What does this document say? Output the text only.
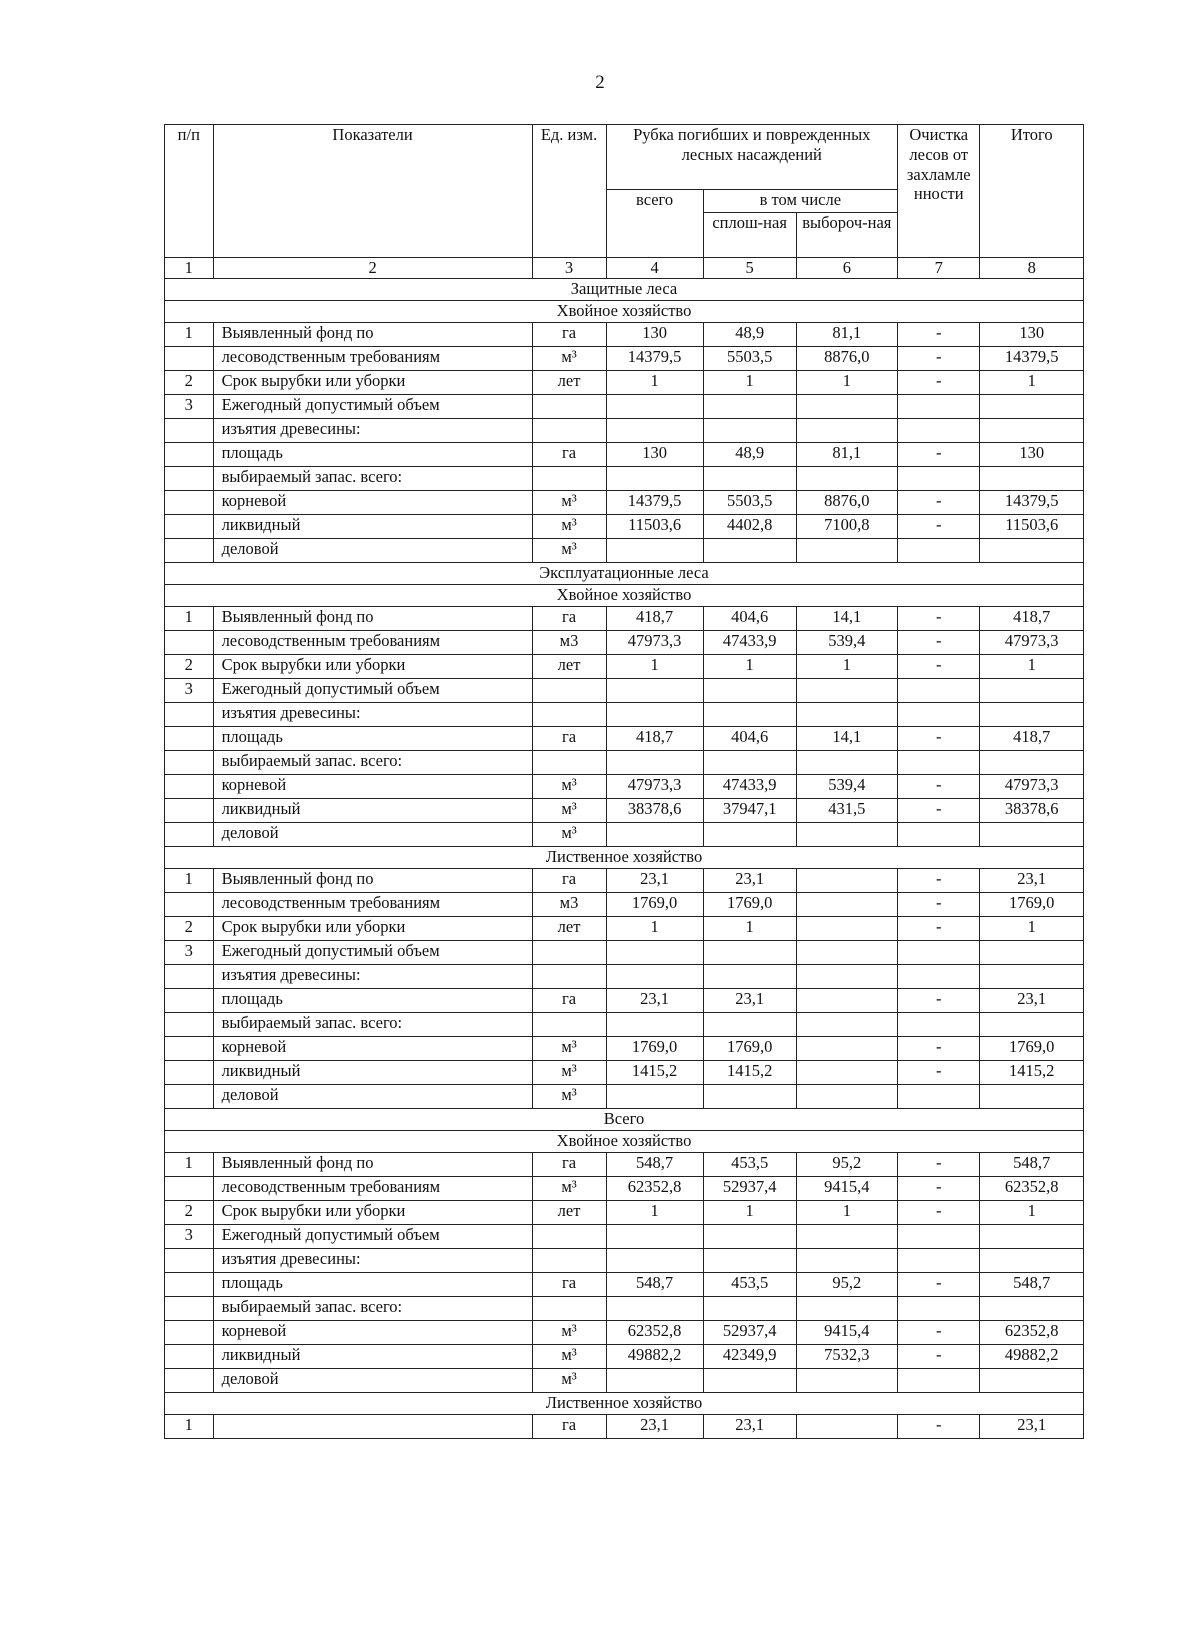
2
п/п	Показатели	Ед. изм.	Рубка погибших и поврежденных лесных насаждений			Очистка лесов от захламле нности	Итого
			всего	в том числе			
				сплош-ная	выбороч-ная		
1	2	3	4	5	6	7	8
Защитные леса							
Хвойное хозяйство							
1	Выявленный фонд по	га	130	48,9	81,1	-	130
	лесоводственным требованиям	м³	14379,5	5503,5	8876,0	-	14379,5
2	Срок вырубки или уборки	лет	1	1	1	-	1
3	Ежегодный допустимый объем						
	изъятия древесины:						
	площадь	га	130	48,9	81,1	-	130
	выбираемый запас. всего:						
	корневой	м³	14379,5	5503,5	8876,0	-	14379,5
	ликвидный	м³	11503,6	4402,8	7100,8	-	11503,6
	деловой	м³					
Эксплуатационные леса							
Хвойное хозяйство							
1	Выявленный фонд по	га	418,7	404,6	14,1	-	418,7
	лесоводственным требованиям	м3	47973,3	47433,9	539,4	-	47973,3
2	Срок вырубки или уборки	лет	1	1	1	-	1
3	Ежегодный допустимый объем						
	изъятия древесины:						
	площадь	га	418,7	404,6	14,1	-	418,7
	выбираемый запас. всего:						
	корневой	м³	47973,3	47433,9	539,4	-	47973,3
	ликвидный	м³	38378,6	37947,1	431,5	-	38378,6
	деловой	м³					
Лиственное хозяйство							
1	Выявленный фонд по	га	23,1	23,1		-	23,1
	лесоводственным требованиям	м3	1769,0	1769,0		-	1769,0
2	Срок вырубки или уборки	лет	1	1		-	1
3	Ежегодный допустимый объем						
	изъятия древесины:						
	площадь	га	23,1	23,1		-	23,1
	выбираемый запас. всего:						
	корневой	м³	1769,0	1769,0		-	1769,0
	ликвидный	м³	1415,2	1415,2		-	1415,2
	деловой	м³					
Всего							
Хвойное хозяйство							
1	Выявленный фонд по	га	548,7	453,5	95,2	-	548,7
	лесоводственным требованиям	м³	62352,8	52937,4	9415,4	-	62352,8
2	Срок вырубки или уборки	лет	1	1	1	-	1
3	Ежегодный допустимый объем						
	изъятия древесины:						
	площадь	га	548,7	453,5	95,2	-	548,7
	выбираемый запас. всего:						
	корневой	м³	62352,8	52937,4	9415,4	-	62352,8
	ликвидный	м³	49882,2	42349,9	7532,3	-	49882,2
	деловой	м³					
Лиственное хозяйство							
1		га	23,1	23,1		-	23,1
